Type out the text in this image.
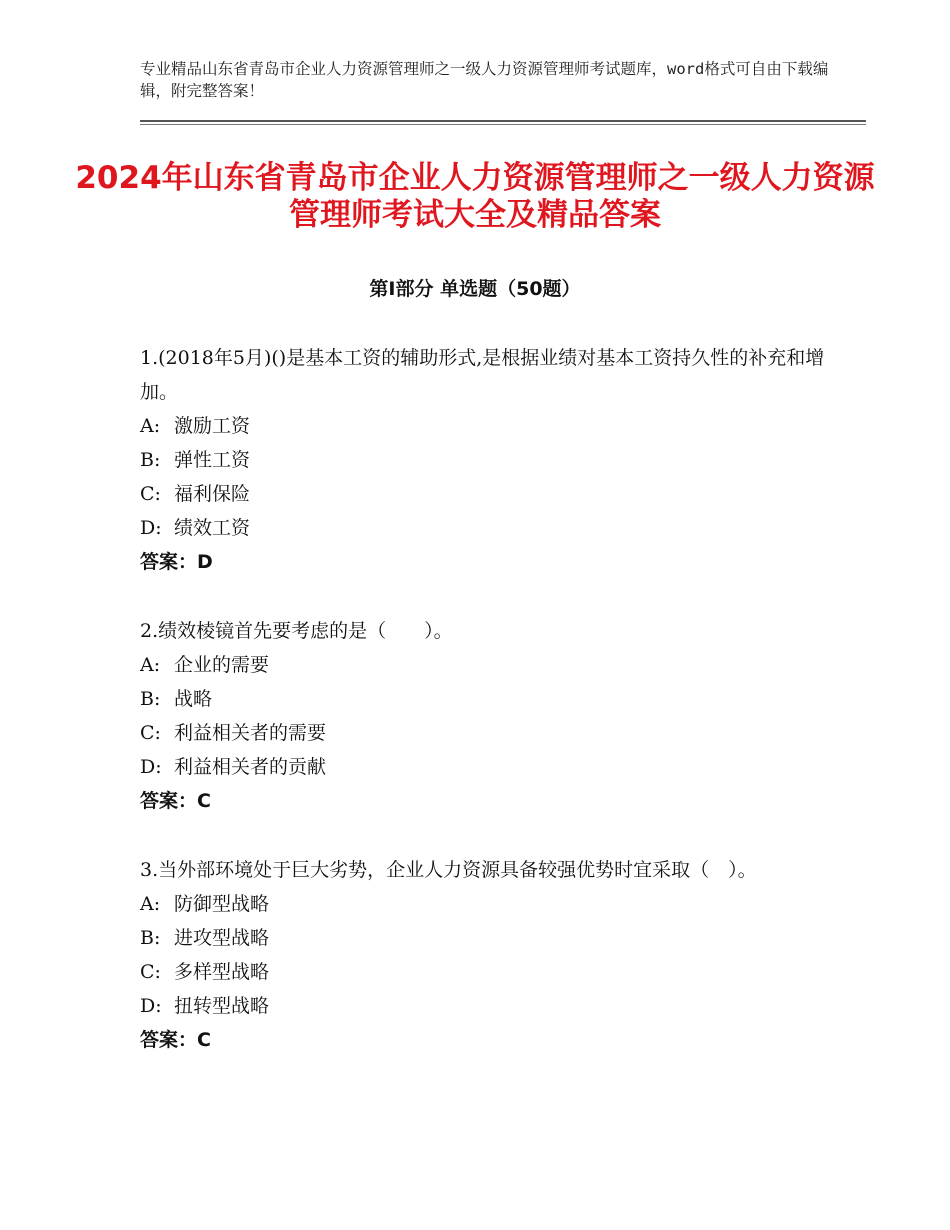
专业精品山东省青岛市企业人力资源管理师之一级人力资源管理师考试题库，word格式可自由下载编辑，附完整答案！
2024年山东省青岛市企业人力资源管理师之一级人力资源管理师考试大全及精品答案
第Ⅰ部分 单选题（50题）
1.(2018年5月)()是基本工资的辅助形式,是根据业绩对基本工资持久性的补充和增加。
A: 激励工资
B: 弹性工资
C: 福利保险
D: 绩效工资
答案：D
2.绩效棱镜首先要考虑的是（　　）。
A: 企业的需要
B: 战略
C: 利益相关者的需要
D: 利益相关者的贡献
答案：C
3.当外部环境处于巨大劣势，企业人力资源具备较强优势时宜采取（　）。
A: 防御型战略
B: 进攻型战略
C: 多样型战略
D: 扭转型战略
答案：C
